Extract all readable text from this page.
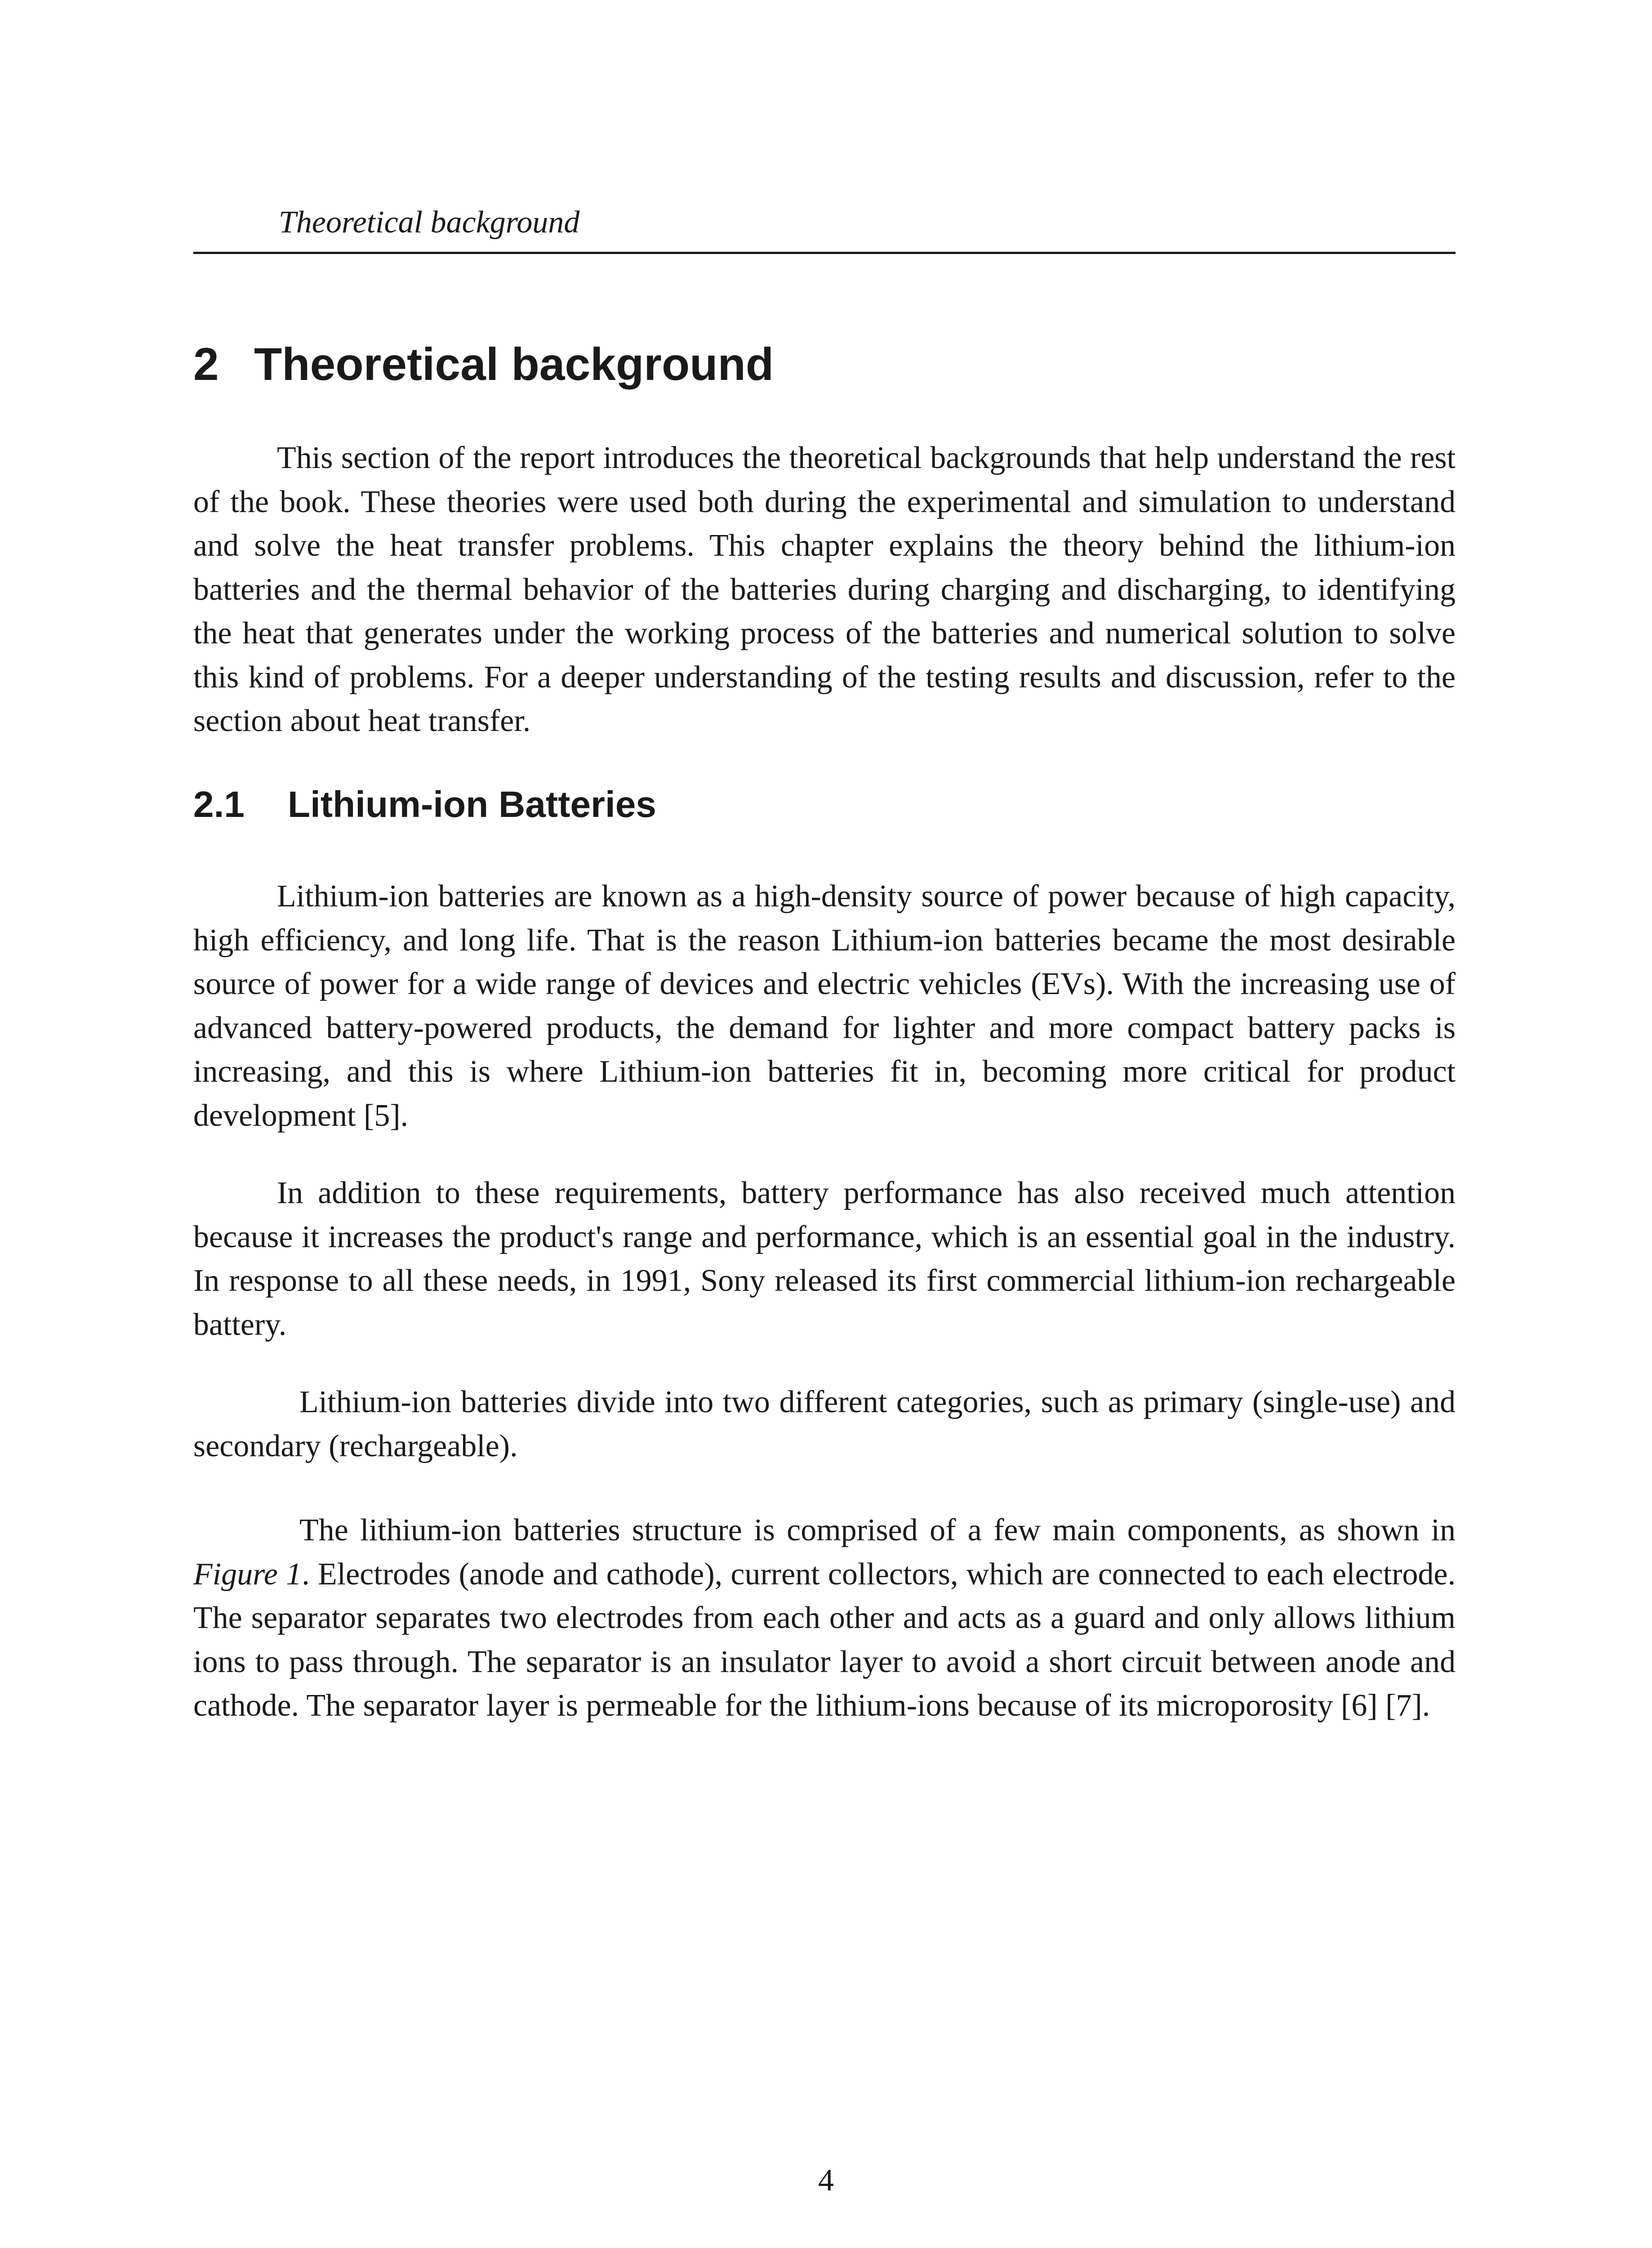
Theoretical background
2 Theoretical background

This section of the report introduces the theoretical backgrounds that help understand the rest of the book. These theories were used both during the experimental and simulation to understand and solve the heat transfer problems. This chapter explains the theory behind the lithium-ion batteries and the thermal behavior of the batteries during charging and discharging, to identifying the heat that generates under the working process of the batteries and numerical solution to solve this kind of problems. For a deeper understanding of the testing results and discussion, refer to the section about heat transfer.

2.1 Lithium-ion Batteries

Lithium-ion batteries are known as a high-density source of power because of high capacity, high efficiency, and long life. That is the reason Lithium-ion batteries became the most desirable source of power for a wide range of devices and electric vehicles (EVs). With the increasing use of advanced battery-powered products, the demand for lighter and more compact battery packs is increasing, and this is where Lithium-ion batteries fit in, becoming more critical for product development [5].

In addition to these requirements, battery performance has also received much attention because it increases the product's range and performance, which is an essential goal in the industry. In response to all these needs, in 1991, Sony released its first commercial lithium-ion rechargeable battery.

Lithium-ion batteries divide into two different categories, such as primary (single-use) and secondary (rechargeable).

The lithium-ion batteries structure is comprised of a few main components, as shown in Figure 1. Electrodes (anode and cathode), current collectors, which are connected to each electrode. The separator separates two electrodes from each other and acts as a guard and only allows lithium ions to pass through. The separator is an insulator layer to avoid a short circuit between anode and cathode. The separator layer is permeable for the lithium-ions because of its microporosity [6] [7].

4
